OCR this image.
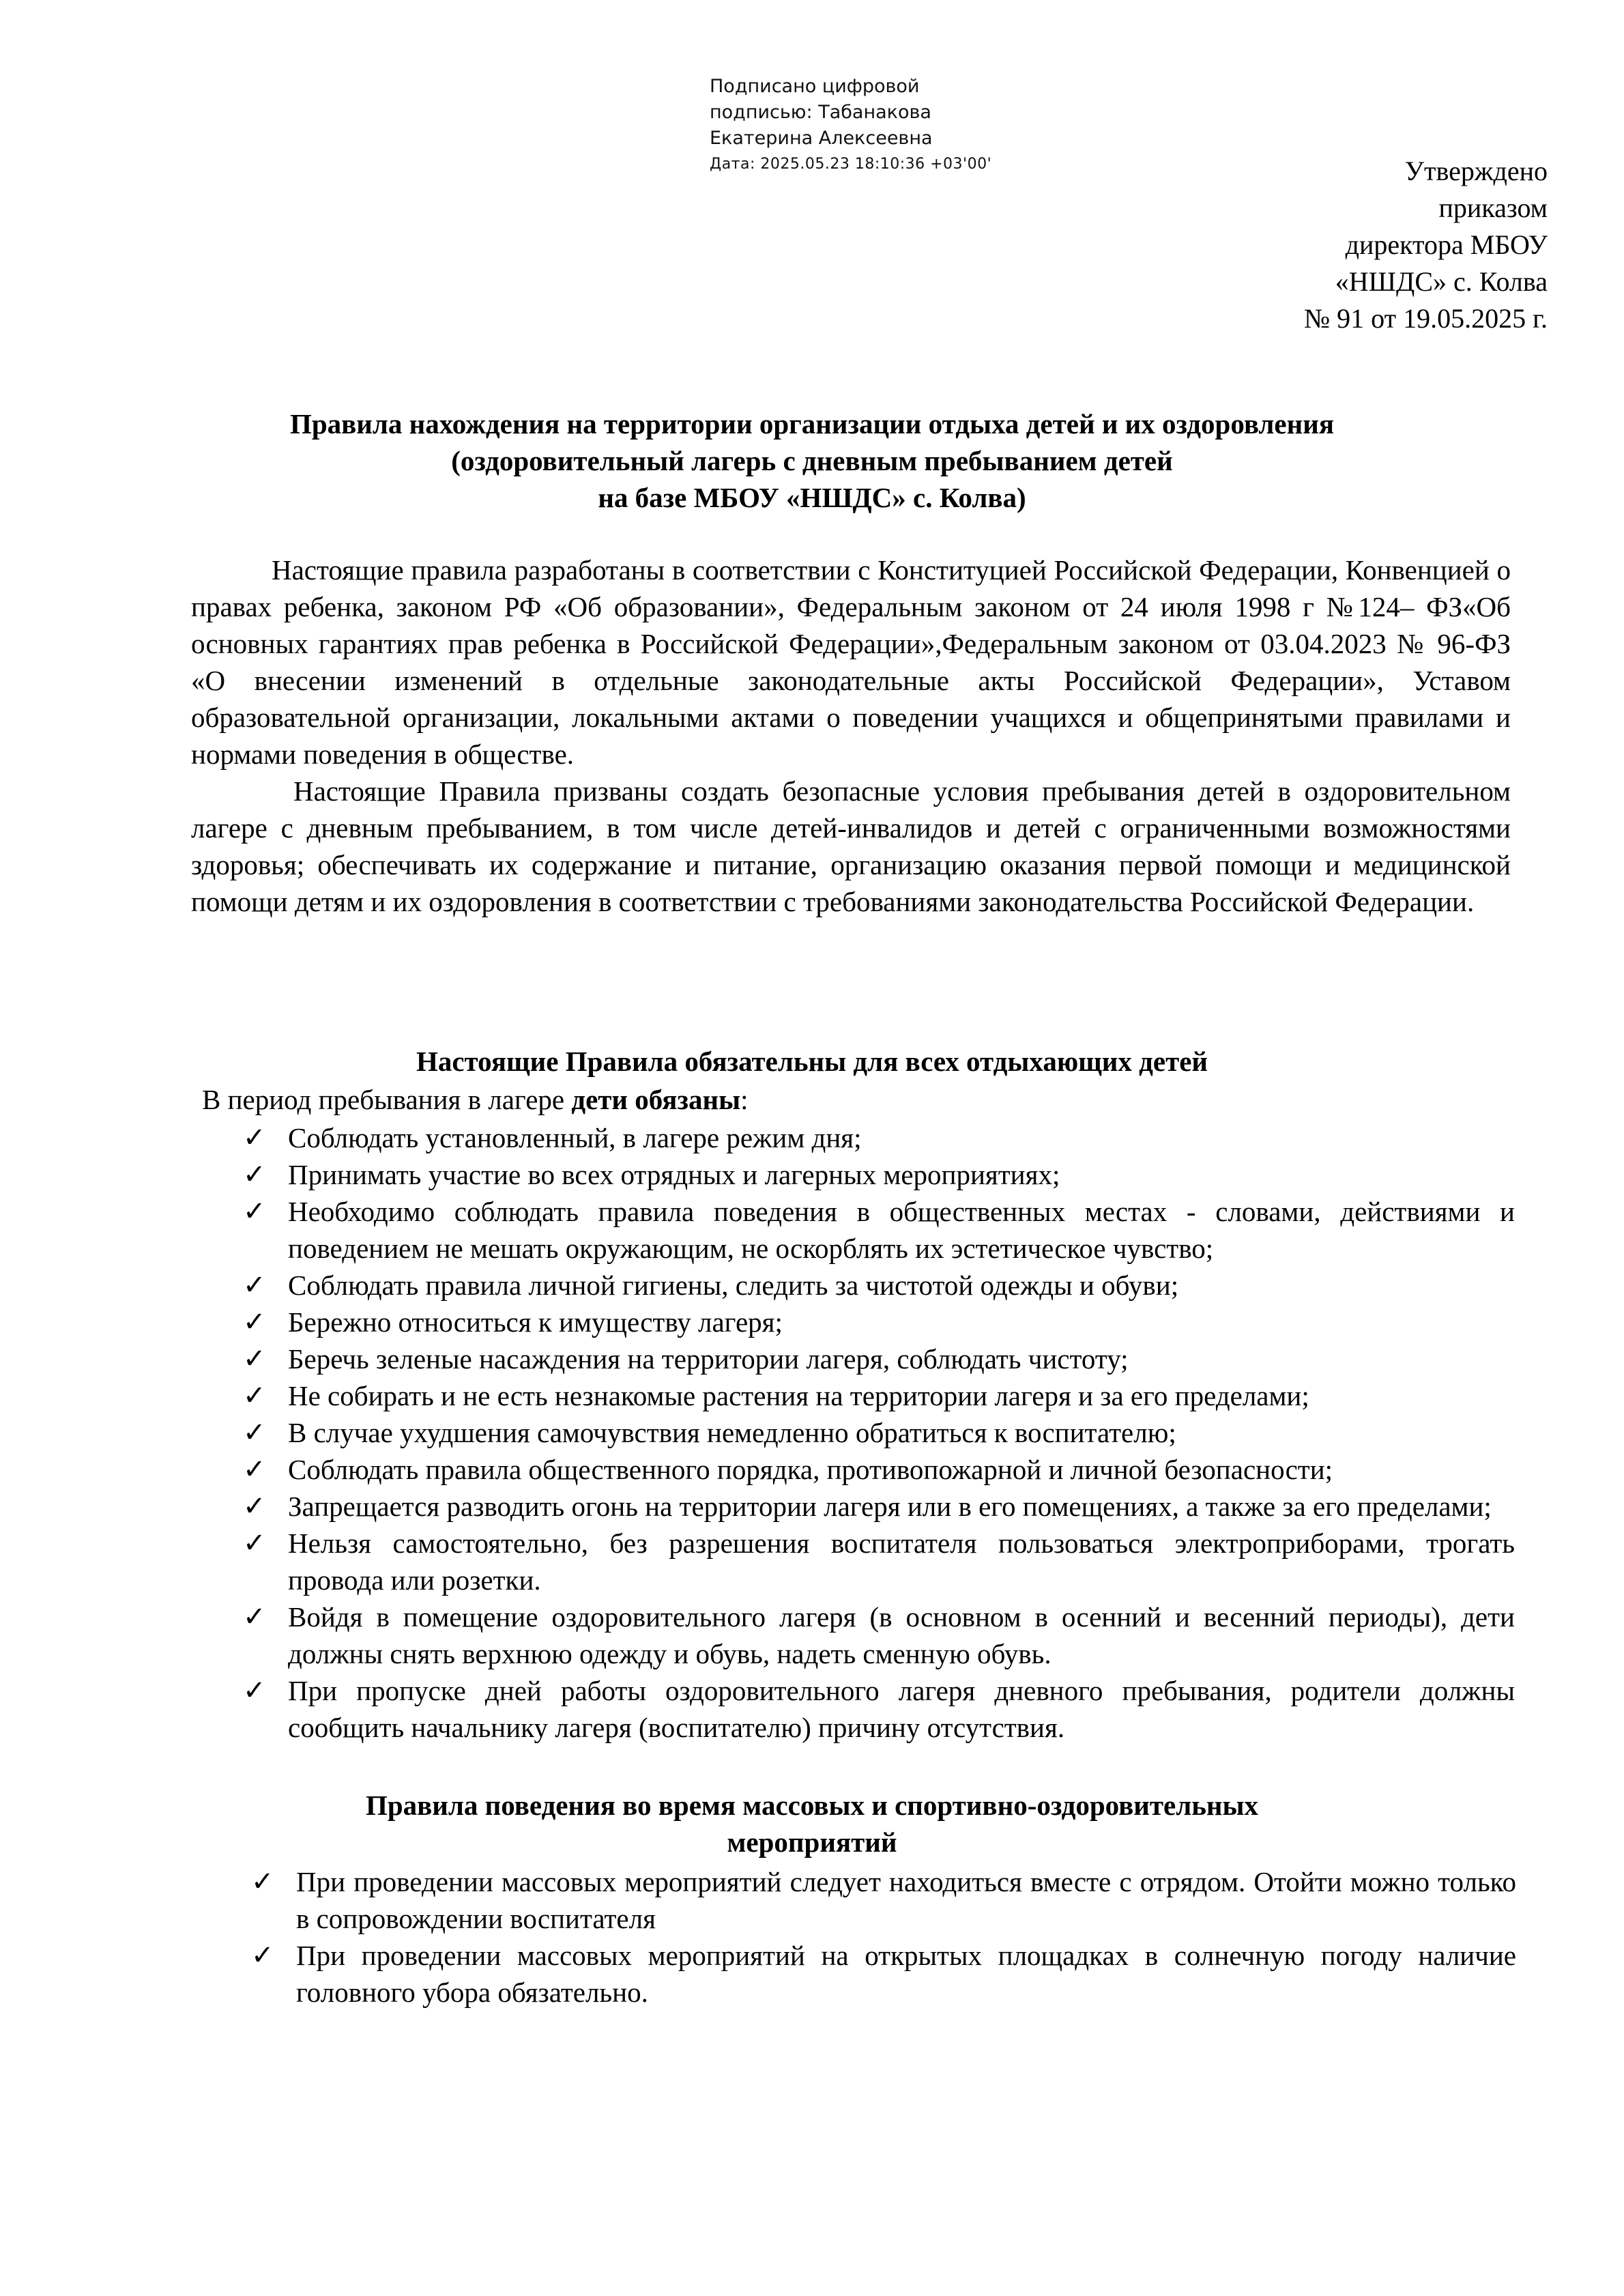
Подписано цифровой
подписью: Табанакова
Екатерина Алексеевна
Дата: 2025.05.23 18:10:36 +03'00'	Утверждено
приказом
директора МБОУ
«НШДС» с. Колва
№ 91 от 19.05.2025 г.
Правила нахождения на территории организации отдыха детей и их оздоровления
(оздоровительный лагерь с дневным пребыванием детей
на базе МБОУ «НШДС» с. Колва)

Настоящие правила разработаны в соответствии с Конституцией Российской Федерации, Конвенцией о правах ребенка, законом РФ «Об образовании», Федеральным законом от 24 июля 1998 г №124– ФЗ«Об основных гарантиях прав ребенка в Российской Федерации»,Федеральным законом от 03.04.2023 № 96-ФЗ «О внесении изменений в отдельные законодательные акты Российской Федерации», Уставом образовательной организации, локальными актами о поведении учащихся и общепринятыми правилами и нормами поведения в обществе.

Настоящие Правила призваны создать безопасные условия пребывания детей в оздоровительном лагере с дневным пребыванием, в том числе детей-инвалидов и детей с ограниченными возможностями здоровья; обеспечивать их содержание и питание, организацию оказания первой помощи и медицинской помощи детям и их оздоровления в соответствии с требованиями законодательства Российской Федерации.

Настоящие Правила обязательны для всех отдыхающих детей
В период пребывания в лагере дети обязаны:
✓ Соблюдать установленный, в лагере режим дня;
✓ Принимать участие во всех отрядных и лагерных мероприятиях;
✓ Необходимо соблюдать правила поведения в общественных местах - словами, действиями и поведением не мешать окружающим, не оскорблять их эстетическое чувство;
✓ Соблюдать правила личной гигиены, следить за чистотой одежды и обуви;
✓ Бережно относиться к имуществу лагеря;
✓ Беречь зеленые насаждения на территории лагеря, соблюдать чистоту;
✓ Не собирать и не есть незнакомые растения на территории лагеря и за его пределами;
✓ В случае ухудшения самочувствия немедленно обратиться к воспитателю;
✓ Соблюдать правила общественного порядка, противопожарной и личной безопасности;
✓ Запрещается разводить огонь на территории лагеря или в его помещениях, а также за его пределами;
✓ Нельзя самостоятельно, без разрешения воспитателя пользоваться электроприборами, трогать провода или розетки.
✓ Войдя в помещение оздоровительного лагеря (в основном в осенний и весенний периоды), дети должны снять верхнюю одежду и обувь, надеть сменную обувь.
✓ При пропуске дней работы оздоровительного лагеря дневного пребывания, родители должны сообщить начальнику лагеря (воспитателю) причину отсутствия.
Правила поведения во время массовых и спортивно-оздоровительных
мероприятий
✓ При проведении массовых мероприятий следует находиться вместе с отрядом. Отойти можно только в сопровождении воспитателя
✓ При проведении массовых мероприятий на открытых площадках в солнечную погоду наличие головного убора обязательно.
